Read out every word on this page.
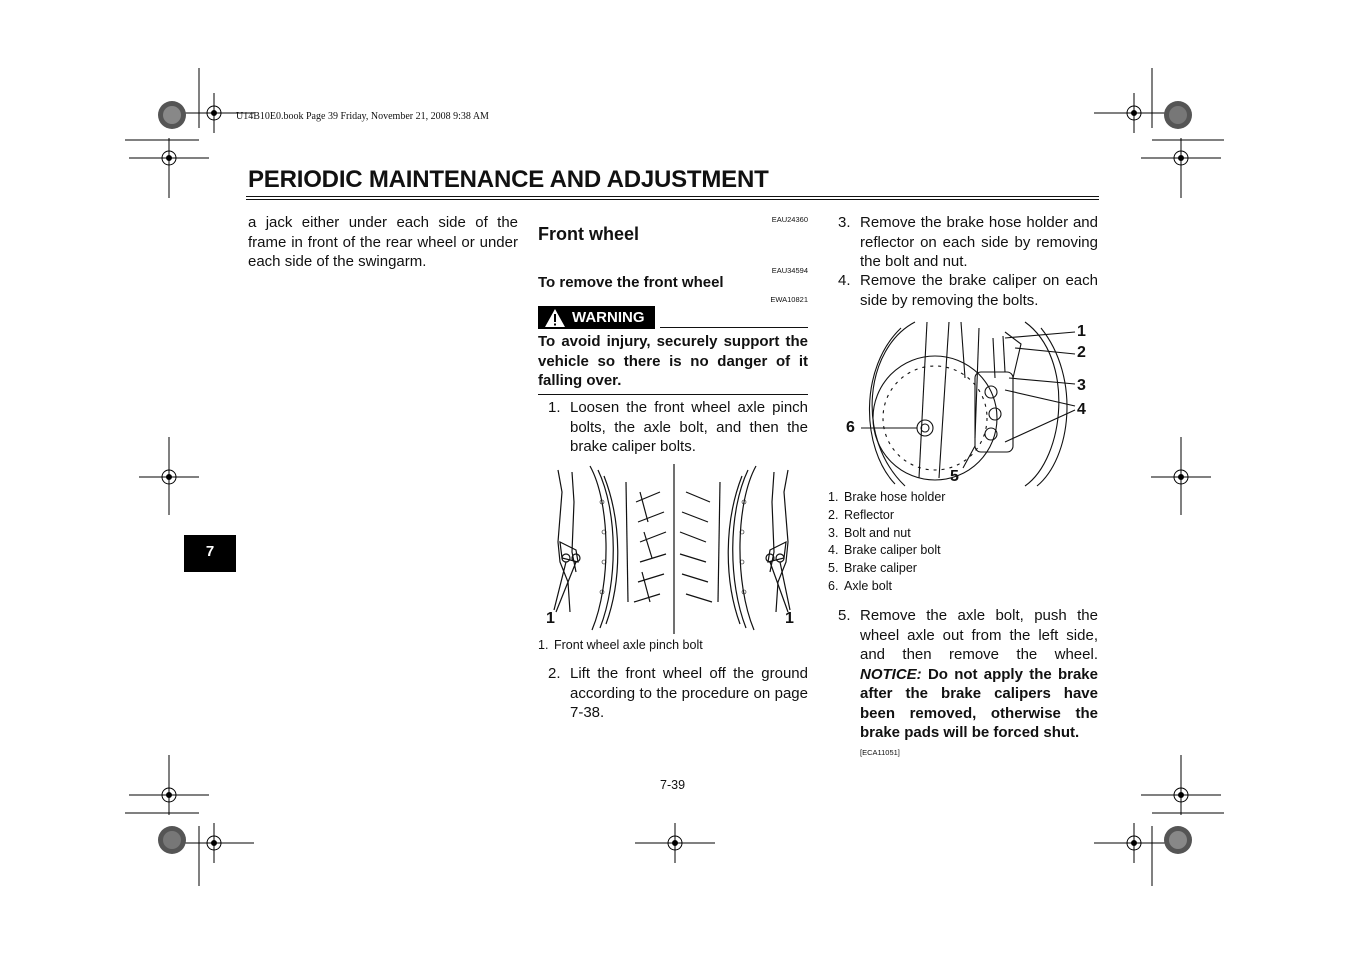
U14B10E0.book Page 39 Friday, November 21, 2008 9:38 AM
PERIODIC MAINTENANCE AND ADJUSTMENT
7
a jack either under each side of the frame in front of the rear wheel or under each side of the swingarm.
EAU24360
Front wheel
EAU34594
To remove the front wheel
EWA10821
WARNING
To avoid injury, securely support the vehicle so there is no danger of it falling over.
1. Loosen the front wheel axle pinch bolts, the axle bolt, and then the brake caliper bolts.
1	1
1. Front wheel axle pinch bolt
2. Lift the front wheel off the ground according to the procedure on page 7-38.
3. Remove the brake hose holder and reflector on each side by removing the bolt and nut.
4. Remove the brake caliper on each side by removing the bolts.
1
2
3
4
5
6
1. Brake hose holder
2. Reflector
3. Bolt and nut
4. Brake caliper bolt
5. Brake caliper
6. Axle bolt
5. Remove the axle bolt, push the wheel axle out from the left side, and then remove the wheel. NOTICE: Do not apply the brake after the brake calipers have been removed, otherwise the brake pads will be forced shut.
[ECA11051]
7-39
